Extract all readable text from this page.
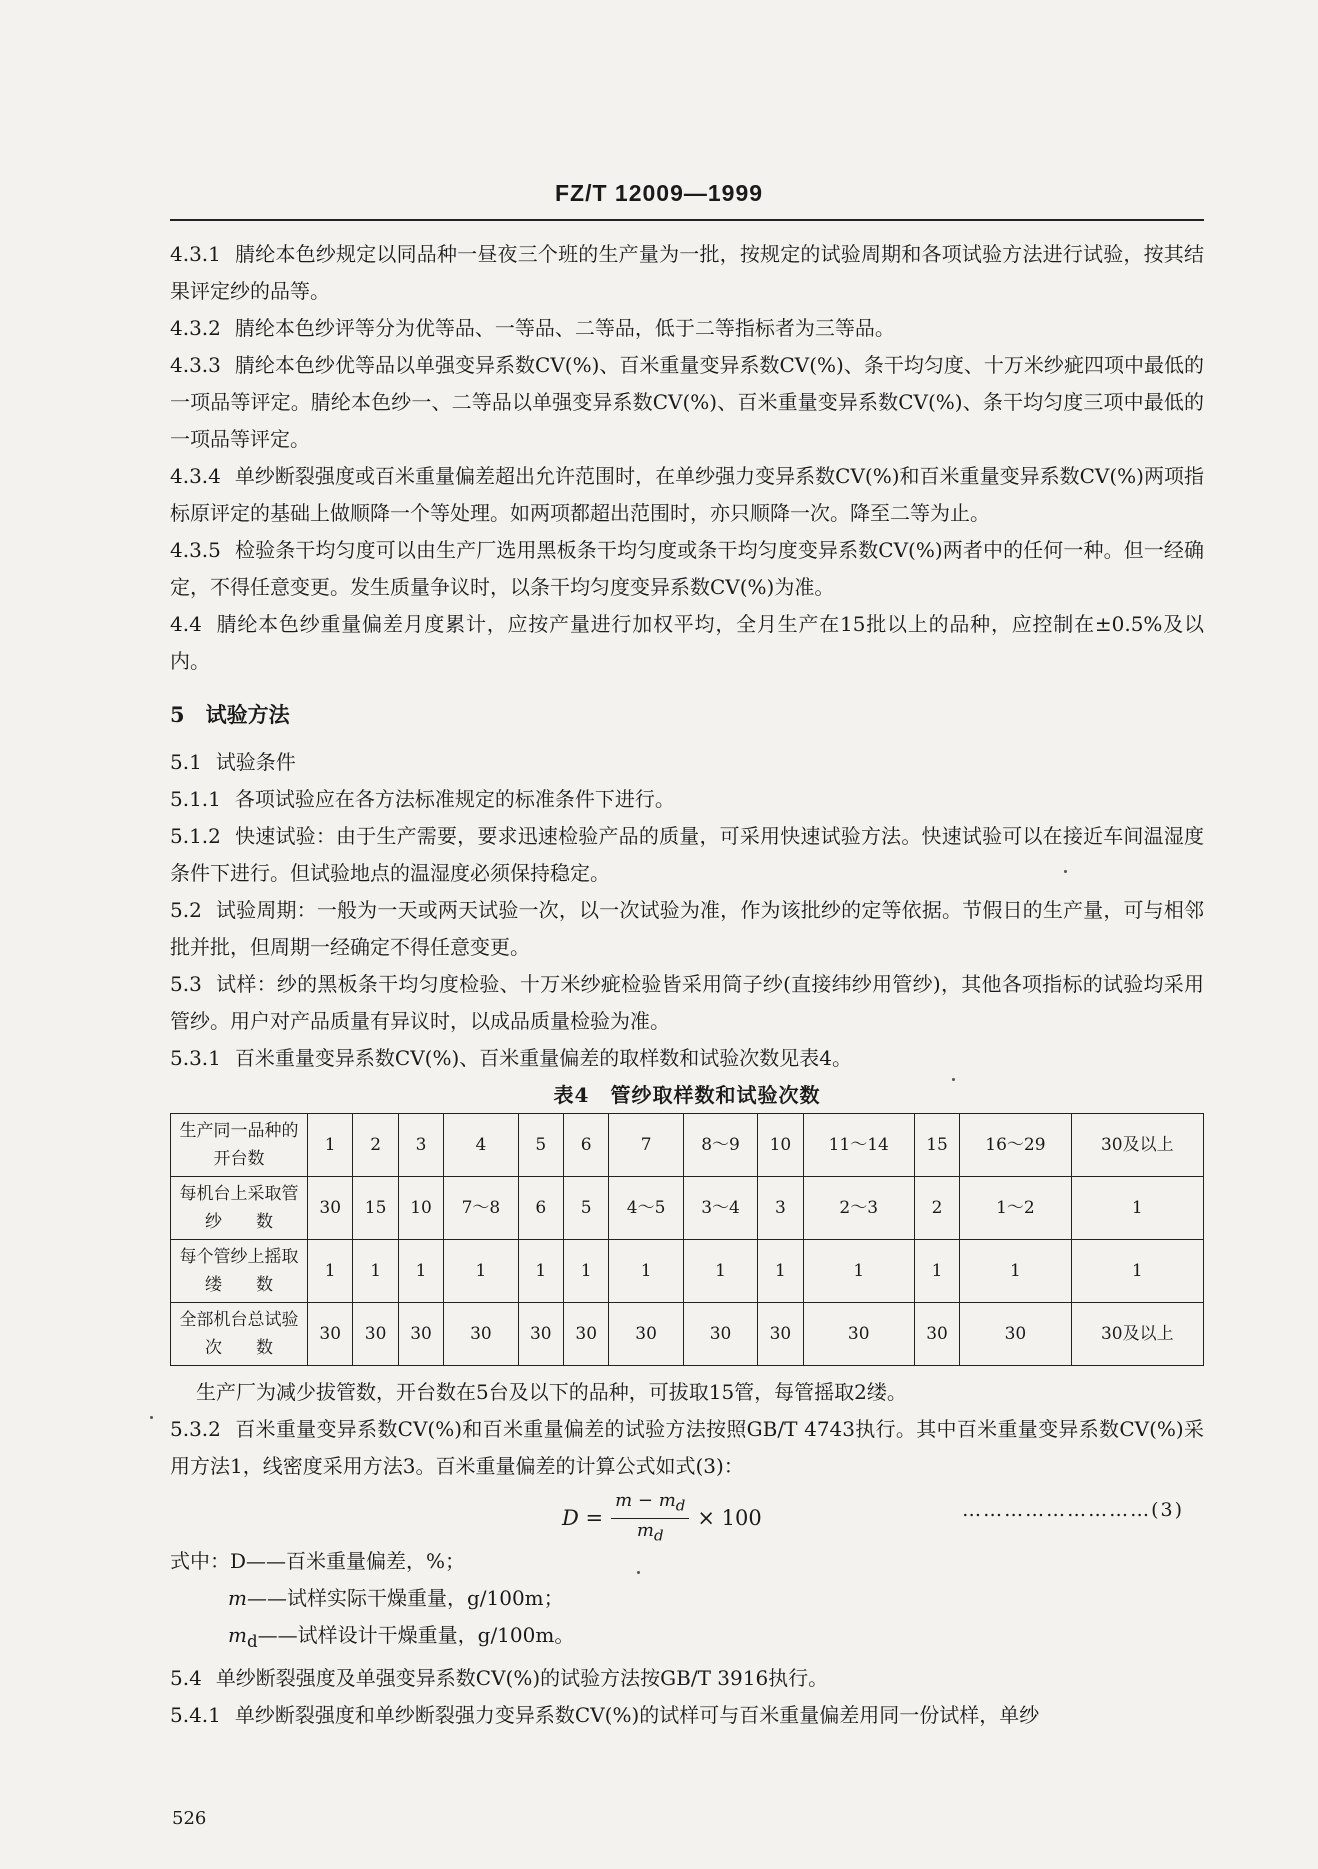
FZ/T 12009—1999

4.3.1 腈纶本色纱规定以同品种一昼夜三个班的生产量为一批，按规定的试验周期和各项试验方法进行试验，按其结果评定纱的品等。

4.3.2 腈纶本色纱评等分为优等品、一等品、二等品，低于二等指标者为三等品。

4.3.3 腈纶本色纱优等品以单强变异系数CV(%)、百米重量变异系数CV(%)、条干均匀度、十万米纱疵四项中最低的一项品等评定。腈纶本色纱一、二等品以单强变异系数CV(%)、百米重量变异系数CV(%)、条干均匀度三项中最低的一项品等评定。

4.3.4 单纱断裂强度或百米重量偏差超出允许范围时，在单纱强力变异系数CV(%)和百米重量变异系数CV(%)两项指标原评定的基础上做顺降一个等处理。如两项都超出范围时，亦只顺降一次。降至二等为止。

4.3.5 检验条干均匀度可以由生产厂选用黑板条干均匀度或条干均匀度变异系数CV(%)两者中的任何一种。但一经确定，不得任意变更。发生质量争议时，以条干均匀度变异系数CV(%)为准。

4.4 腈纶本色纱重量偏差月度累计，应按产量进行加权平均，全月生产在15批以上的品种，应控制在±0.5%及以内。

5　试验方法

5.1 试验条件

5.1.1 各项试验应在各方法标准规定的标准条件下进行。

5.1.2 快速试验：由于生产需要，要求迅速检验产品的质量，可采用快速试验方法。快速试验可以在接近车间温湿度条件下进行。但试验地点的温湿度必须保持稳定。

5.2 试验周期：一般为一天或两天试验一次，以一次试验为准，作为该批纱的定等依据。节假日的生产量，可与相邻批并批，但周期一经确定不得任意变更。

5.3 试样：纱的黑板条干均匀度检验、十万米纱疵检验皆采用筒子纱(直接纬纱用管纱)，其他各项指标的试验均采用管纱。用户对产品质量有异议时，以成品质量检验为准。

5.3.1 百米重量变异系数CV(%)、百米重量偏差的取样数和试验次数见表4。

表4　管纱取样数和试验次数
生产同一品种的
开台数	1	2	3	4	5	6	7	8～9	10	11～14	15	16～29	30及以上
每机台上采取管
纱　　数	30	15	10	7～8	6	5	4～5	3～4	3	2～3	2	1～2	1
每个管纱上摇取
缕　　数	1	1	1	1	1	1	1	1	1	1	1	1	1
全部机台总试验
次　　数	30	30	30	30	30	30	30	30	30	30	30	30	30及以上
生产厂为减少拔管数，开台数在5台及以下的品种，可拔取15管，每管摇取2缕。

5.3.2 百米重量变异系数CV(%)和百米重量偏差的试验方法按照GB/T 4743执行。其中百米重量变异系数CV(%)采用方法1，线密度采用方法3。百米重量偏差的计算公式如式(3)：

$D = \frac{m - m_d}{m_d} \times 100$	………………………(3)
式中：D——百米重量偏差，%；
m——试样实际干燥重量，g/100m；
$m_d——$试样设计干燥重量，g/100m。

5.4 单纱断裂强度及单强变异系数CV(%)的试验方法按GB/T 3916执行。

5.4.1 单纱断裂强度和单纱断裂强力变异系数CV(%)的试样可与百米重量偏差用同一份试样，单纱

526
